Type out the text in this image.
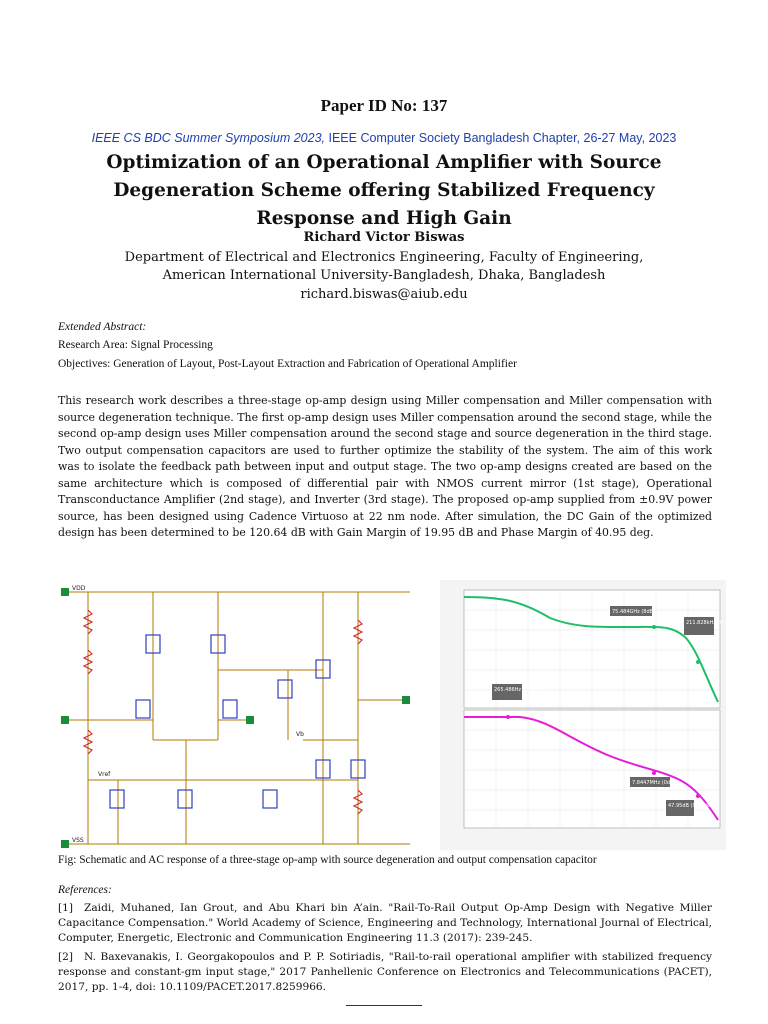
Paper ID No: 137
IEEE CS BDC Summer Symposium 2023, IEEE Computer Society Bangladesh Chapter, 26-27 May, 2023
Optimization of an Operational Amplifier with Source
Degeneration Scheme offering Stabilized Frequency
Response and High Gain
Richard Victor Biswas
Department of Electrical and Electronics Engineering, Faculty of Engineering,
American International University-Bangladesh, Dhaka, Bangladesh
richard.biswas@aiub.edu
Extended Abstract:
Research Area: Signal Processing
Objectives: Generation of Layout, Post-Layout Extraction and Fabrication of Operational Amplifier
This research work describes a three-stage op-amp design using Miller compensation and Miller compensation with source degeneration technique. The first op-amp design uses Miller compensation around the second stage, while the second op-amp design uses Miller compensation around the second stage and source degeneration in the third stage. Two output compensation capacitors are used to further optimize the stability of the system. The aim of this work was to isolate the feedback path between input and output stage. The two op-amp designs created are based on the same architecture which is composed of differential pair with NMOS current mirror (1st stage), Operational Transconductance Amplifier (2nd stage), and Inverter (3rd stage). The proposed op-amp supplied from ±0.9V power source, has been designed using Cadence Virtuoso at 22 nm node. After simulation, the DC Gain of the optimized design has been determined to be 120.64 dB with Gain Margin of 19.95 dB and Phase Margin of 40.95 deg.
VDD
VSS
Vref
Vb
75.484GHz (8dB)
211.828kHz (0-18deg)
265.486Hz 70.76dB
7.8447MHz (0dB)
47.95dB (0-18deg)
Fig: Schematic and AC response of a three-stage op-amp with source degeneration and output compensation capacitor
References:
[1] Zaidi, Muhaned, Ian Grout, and Abu Khari bin A’ain. "Rail-To-Rail Output Op-Amp Design with Negative Miller Capacitance Compensation." World Academy of Science, Engineering and Technology, International Journal of Electrical, Computer, Energetic, Electronic and Communication Engineering 11.3 (2017): 239-245.
[2] N. Baxevanakis, I. Georgakopoulos and P. P. Sotiriadis, "Rail-to-rail operational amplifier with stabilized frequency response and constant-gm input stage," 2017 Panhellenic Conference on Electronics and Telecommunications (PACET), 2017, pp. 1-4, doi: 10.1109/PACET.2017.8259966.
